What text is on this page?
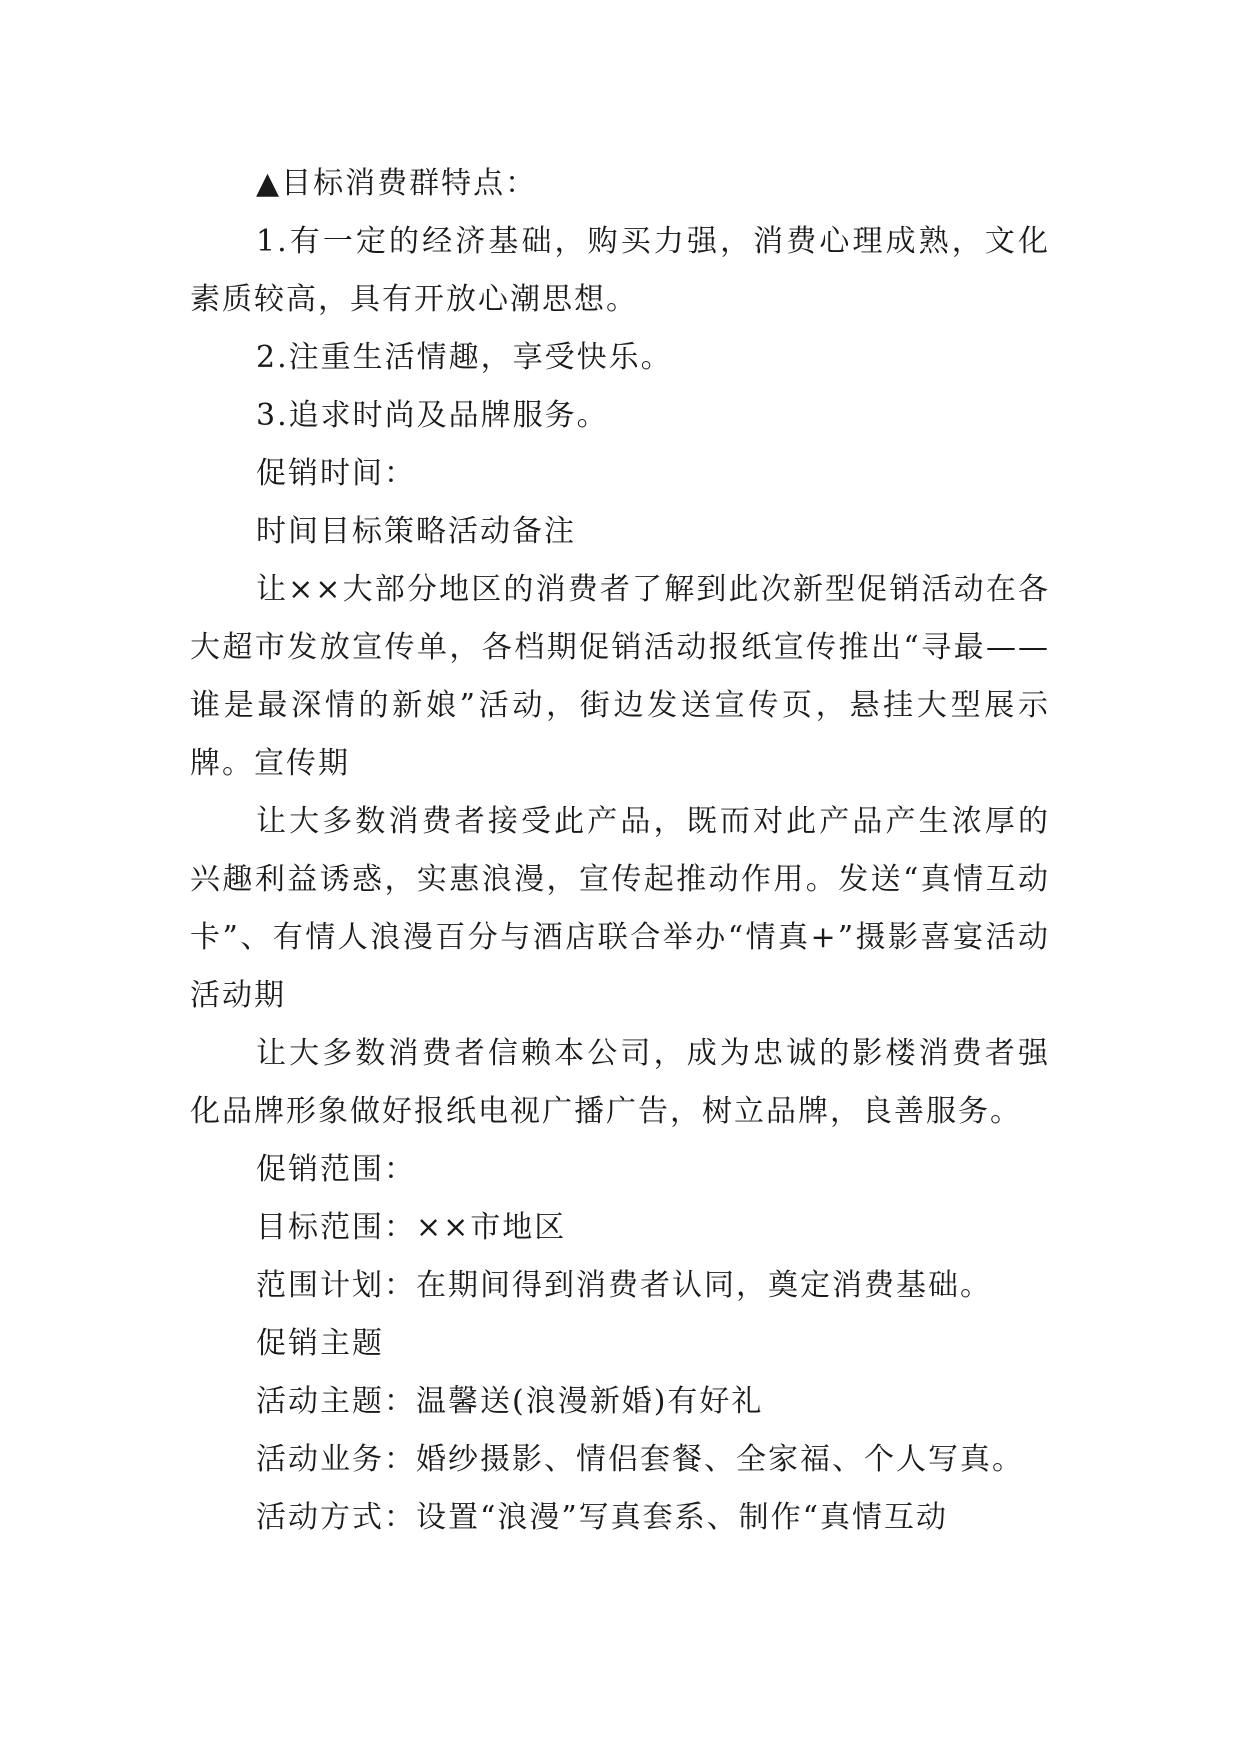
▲目标消费群特点：

1.有一定的经济基础，购买力强，消费心理成熟，文化素质较高，具有开放心潮思想。

2.注重生活情趣，享受快乐。

3.追求时尚及品牌服务。

促销时间：

时间目标策略活动备注

让××大部分地区的消费者了解到此次新型促销活动在各大超市发放宣传单，各档期促销活动报纸宣传推出“寻最——谁是最深情的新娘”活动，街边发送宣传页，悬挂大型展示牌。宣传期

让大多数消费者接受此产品，既而对此产品产生浓厚的兴趣利益诱惑，实惠浪漫，宣传起推动作用。发送“真情互动卡”、有情人浪漫百分与酒店联合举办“情真+”摄影喜宴活动活动期

让大多数消费者信赖本公司，成为忠诚的影楼消费者强化品牌形象做好报纸电视广播广告，树立品牌，良善服务。

促销范围：

目标范围：××市地区

范围计划：在期间得到消费者认同，奠定消费基础。

促销主题

活动主题：温馨送(浪漫新婚)有好礼

活动业务：婚纱摄影、情侣套餐、全家福、个人写真。

活动方式：设置“浪漫”写真套系、制作“真情互动
